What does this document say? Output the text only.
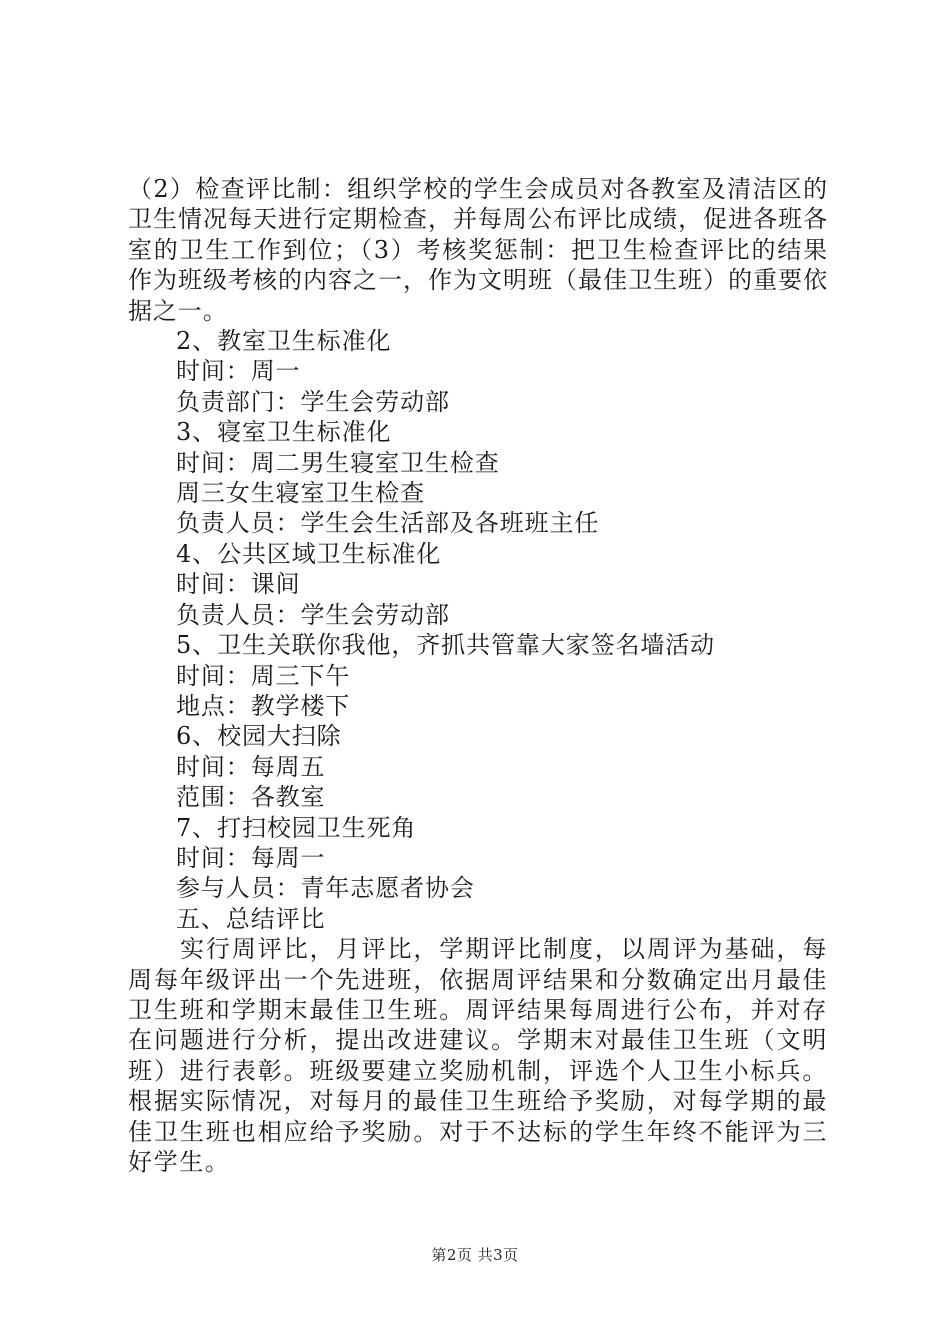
（2）检查评比制：组织学校的学生会成员对各教室及清洁区的卫生情况每天进行定期检查，并每周公布评比成绩，促进各班各室的卫生工作到位；（3）考核奖惩制：把卫生检查评比的结果作为班级考核的内容之一，作为文明班（最佳卫生班）的重要依据之一。

2、教室卫生标准化

时间：周一

负责部门：学生会劳动部

3、寝室卫生标准化

时间：周二男生寝室卫生检查

周三女生寝室卫生检查

负责人员：学生会生活部及各班班主任

4、公共区域卫生标准化

时间：课间

负责人员：学生会劳动部

5、卫生关联你我他，齐抓共管靠大家签名墙活动

时间：周三下午

地点：教学楼下

6、校园大扫除

时间：每周五

范围：各教室

7、打扫校园卫生死角

时间：每周一

参与人员：青年志愿者协会

五、总结评比

实行周评比，月评比，学期评比制度，以周评为基础，每周每年级评出一个先进班，依据周评结果和分数确定出月最佳卫生班和学期末最佳卫生班。周评结果每周进行公布，并对存在问题进行分析，提出改进建议。学期末对最佳卫生班（文明班）进行表彰。班级要建立奖励机制，评选个人卫生小标兵。根据实际情况，对每月的最佳卫生班给予奖励，对每学期的最佳卫生班也相应给予奖励。对于不达标的学生年终不能评为三好学生。

第2页 共3页
